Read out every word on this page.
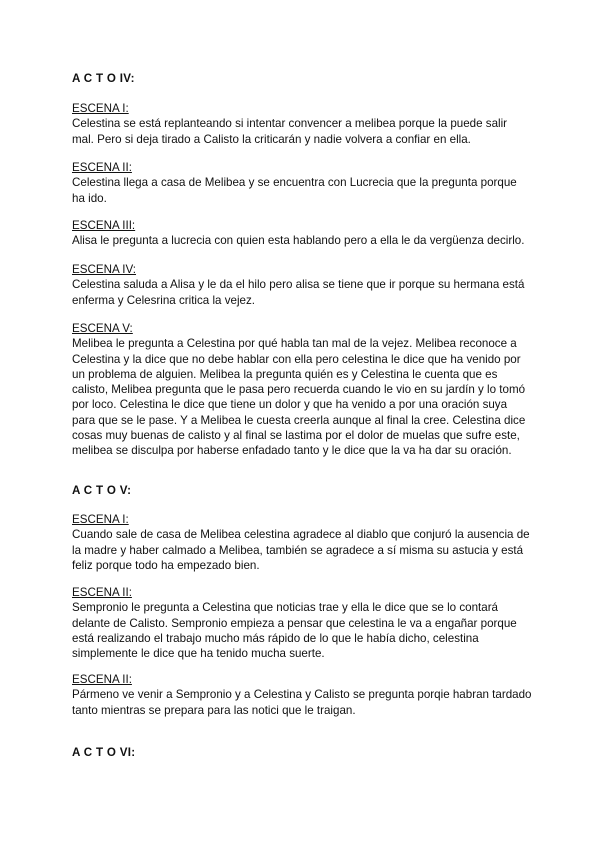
A C T O IV:
ESCENA I:

Celestina se está replanteando si intentar convencer a melibea porque la puede salir mal. Pero si deja tirado a Calisto la criticarán y nadie volvera a confiar en ella.

ESCENA II:

Celestina llega a casa de Melibea y se encuentra con Lucrecia que la pregunta porque ha ido.

ESCENA III:

Alisa le pregunta a lucrecia con quien esta hablando pero a ella le da vergüenza decirlo.

ESCENA IV:

Celestina saluda a Alisa y le da el hilo pero alisa se tiene que ir porque su hermana está enferma y Celesrina critica la vejez.

ESCENA V:

Melibea le pregunta a Celestina por qué habla tan mal de la vejez. Melibea reconoce a Celestina y la dice que no debe hablar con ella pero celestina le dice que ha venido por un problema de alguien. Melibea la pregunta quién es y Celestina le cuenta que es calisto, Melibea pregunta que le pasa pero recuerda cuando le vio en su jardín y lo tomó por loco. Celestina le dice que tiene un dolor y que ha venido a por una oración suya para que se le pase. Y a Melibea le cuesta creerla aunque al final la cree. Celestina dice cosas muy buenas de calisto y al final se lastima por el dolor de muelas que sufre este, melibea se disculpa por haberse enfadado tanto y le dice que la va ha dar su oración.

A C T O V:
ESCENA I:

Cuando sale de casa de Melibea celestina agradece al diablo que conjuró la ausencia de la madre y haber calmado a Melibea, también se agradece a sí misma su astucia y está feliz porque todo ha empezado bien.

ESCENA II:

Sempronio le pregunta a Celestina que noticias trae y ella le dice que se lo contará delante de Calisto. Sempronio empieza a pensar que celestina le va a engañar porque está realizando el trabajo mucho más rápido de lo que le había dicho, celestina simplemente le dice que ha tenido mucha suerte.

ESCENA II:

Pármeno ve venir a Sempronio y a Celestina y Calisto se pregunta porqie habran tardado tanto mientras se prepara para las notici que le traigan.

A C T O VI:
